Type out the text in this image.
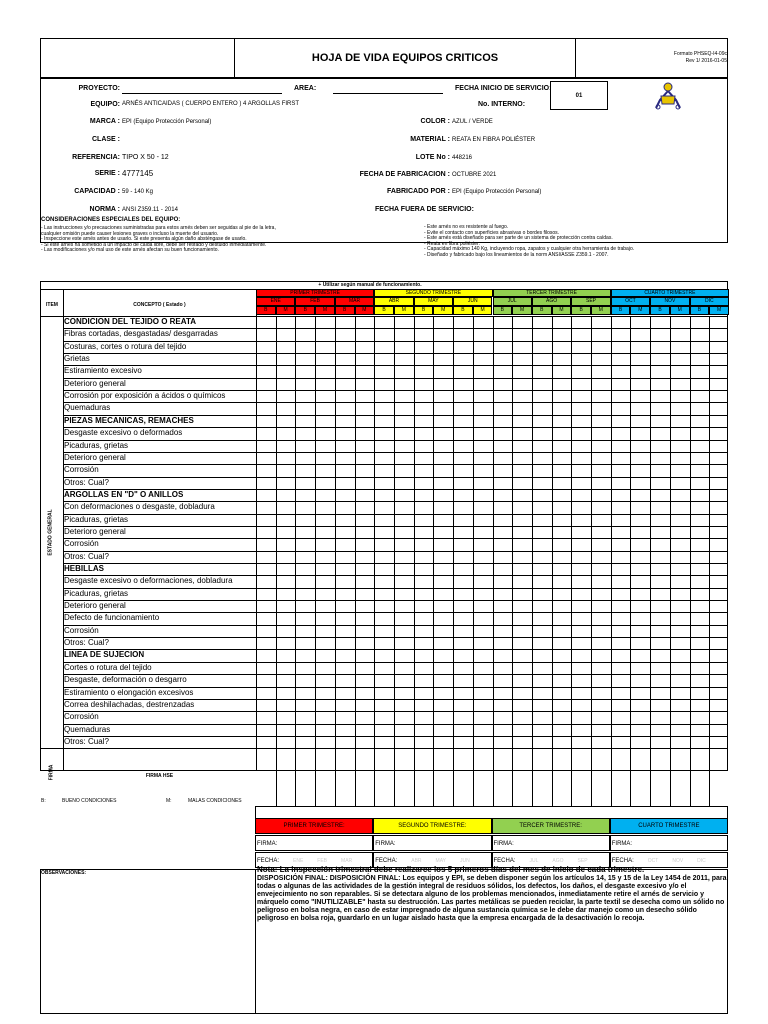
HOJA DE VIDA EQUIPOS CRITICOS	Formato PHSEQ-I4-09c
Rev 1/ 2016-01-05
PROYECTO:	AREA:	FECHA INICIO DE SERVICIO:
01
EQUIPO: ARNÉS ANTICAIDAS ( CUERPO ENTERO ) 4 ARGOLLAS FIRST	No. INTERNO:
MARCA : EPI (Equipo Protección Personal)	COLOR : AZUL / VERDE
CLASE :	MATERIAL : REATA EN FIBRA POLIÉSTER
REFERENCIA: TIPO X 50 - 12	LOTE No : 448216
SERIE : 4777145	FECHA DE FABRICACION : OCTUBRE 2021
CAPACIDAD : 59 - 140 Kg	FABRICADO POR : EPI (Equipo Protección Personal)
NORMA : ANSI Z359.11 - 2014	FECHA FUERA DE SERVICIO:
CONSIDERACIONES ESPECIALES DEL EQUIPO:
- Las instrucciones y/o precauciones suministradas para estos arnés deben ser seguidas al pie de la letra,
cualquier omisión puede causer lesiones graves o incluso la muerte del usuario.
- Inspeccione este arnés antes de usarlo. Si este presenta algún daño absténgase de usarlo.
- Si este arnés ha sometido a un impacto de caída libre, debe ser retirado y destuido inmediatamente.
- Las modificaciones y/o mal uso de este arnés afectan su buen funcionamiento.
- Este arnés no es resistente al fuego.
- Evite el contacto con superficies abrasivas o bordes filosos.
- Este arnés está diseñado para ser parte de un sistema de protección contra caídas.
- Reata en fibra poliéster.
- Capacidad máximo 140 Kg, incluyendo ropa, zapatos y cualquier otra herramienta de trabajo.
- Diseñado y fabricado bajo los lineamientos de la norm ANSI/ASSE Z359.1 - 2007.
+ Utilizar según manual de funcionamiento.
PRIMER TRIMESTRE
ENE
B	M
FEB
B	M
MAR
B	M
SEGUNDO TRIMESTRE
ABR
B	M
MAY
B	M
JUN
B	M
TERCER TRIMESTRE
JUL
B	M
AGO
B	M
SEP
B	M
CUARTO TRIMESTRE
OCT
B	M
NOV
B	M
DIC
B	M
ITEM	CONCEPTO ( Estado )
CONDICION DEL TEJIDO O REATA
Fibras cortadas, desgastadas/ desgarradas
Costuras, cortes o rotura del tejido
Grietas
Estiramiento excesivo
Deterioro general
Corrosión por exposición a ácidos o químicos
Quemaduras
PIEZAS MECANICAS, REMACHES
Desgaste excesivo o deformados
Picaduras, grietas
Deterioro general
Corrosión
Otros: Cual?
ARGOLLAS EN "D" O ANILLOS
Con deformaciones o desgaste, dobladura
Picaduras, grietas
Deterioro general
Corrosión
Otros: Cual?
HEBILLAS
Desgaste excesivo o deformaciones, dobladura
Picaduras, grietas
Deterioro general
Defecto de funcionamiento
Corrosión
Otros: Cual?
LINEA DE SUJECION
Cortes o rotura del tejido
Desgaste, deformación o desgarro
Estiramiento o elongación excesivos
Correa deshilachadas, destrenzadas
Corrosión
Quemaduras
Otros: Cual?
ESTADO GENERAL
FIRMA	FIRMA HSE
B:	BUENO CONDICIONES	M:	MALAS CONDICIONES
PRIMER TRIMESTRE:
FIRMA:
FECHA:	ENE	FEB	MAR
SEGUNDO TRIMESTRE:
FIRMA:
FECHA:	ABR	MAY	JUN
TERCER TRIMESTRE:
FIRMA:
FECHA:	JUL	AGO	SEP
CUARTO TRIMESTRE
FIRMA:
FECHA:	OCT	NOV	DIC
OBSERVACIONES:	Nota: La inspección trimestral debe realizarce los 5 primeros días del mes de inicio de cada trimestre.
DISPOSICIÓN FINAL: DISPOSICIÓN FINAL: Los equipos y EPI, se deben disponer según los artículos 14, 15 y 15 de la Ley 1454 de 2011, para todas o algunas de las actividades de la gestión integral de residuos sólidos, los defectos, los daños, el desgaste excesivo y/o el envejecimiento no son reparables. Si se detectara alguno de los problemas mencionados, inmediatamente retire el arnés de servicio y márquelo como "INUTILIZABLE" hasta su destrucción. Las partes metálicas se pueden reciclar, la parte textil se desecha como un sólido no peligroso en bolsa negra, en caso de estar impregnado de alguna sustancia química se le debe dar manejo como un desecho sólido peligroso en bolsa roja, guardarlo en un lugar aislado hasta que la empresa encargada de la desactivación lo recoja.
